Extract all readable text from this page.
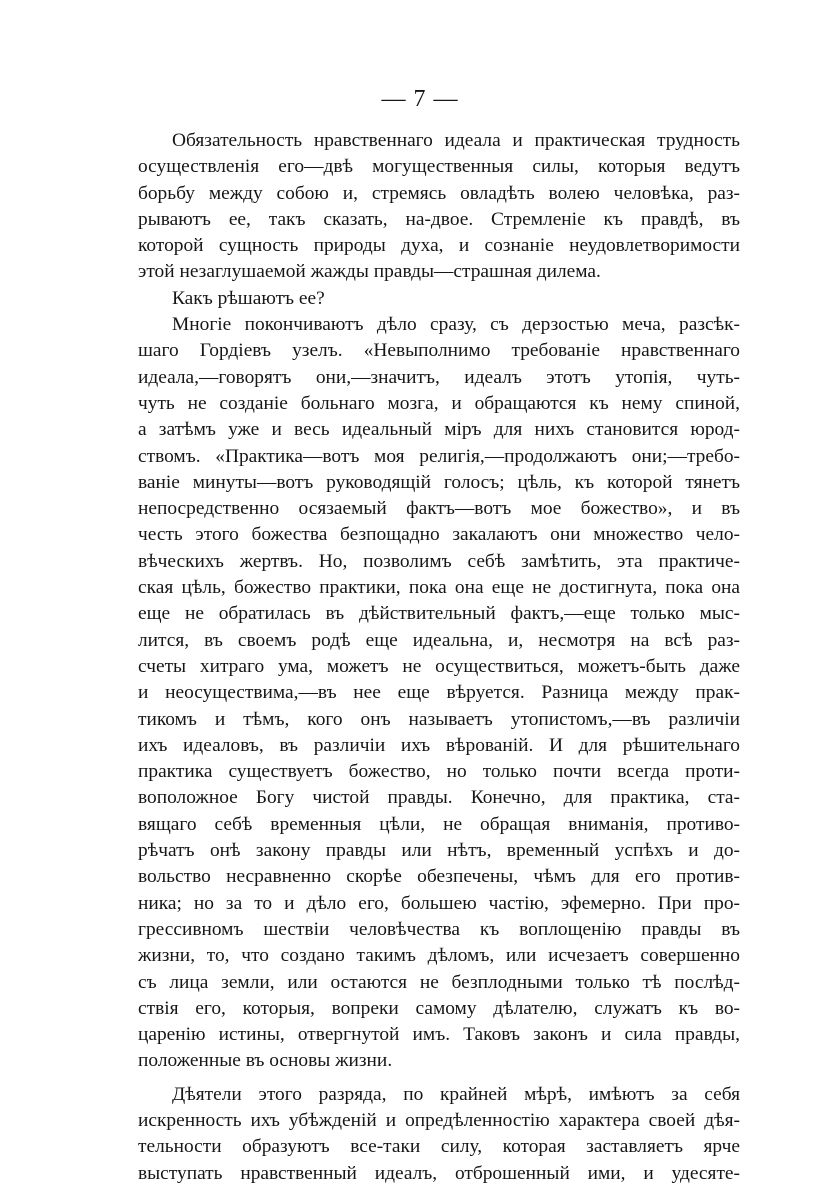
— 7 —
Обязательность нравственнаго идеала и практическая трудность
осуществленія его—двѣ могущественныя силы, которыя ведутъ
борьбу между собою и, стремясь овладѣть волею человѣка, раз-
рываютъ ее, такъ сказать, на-двое. Стремленіе къ правдѣ, въ
которой сущность природы духа, и сознаніе неудовлетворимости
этой незаглушаемой жажды правды—страшная дилема.
Какъ рѣшаютъ ее?
Многіе покончиваютъ дѣло сразу, съ дерзостью меча, разсѣк-
шаго Гордіевъ узелъ. «Невыполнимо требованіе нравственнаго
идеала,—говорятъ они,—значитъ, идеалъ этотъ утопія, чуть-
чуть не созданіе больнаго мозга, и обращаются къ нему спиной,
а затѣмъ уже и весь идеальный міръ для нихъ становится юрод-
ствомъ. «Практика—вотъ моя религія,—продолжаютъ они;—требо-
ваніе минуты—вотъ руководящій голосъ; цѣль, къ которой тянетъ
непосредственно осязаемый фактъ—вотъ мое божество», и въ
честь этого божества безпощадно закалаютъ они множество чело-
вѣческихъ жертвъ. Но, позволимъ себѣ замѣтить, эта практиче-
ская цѣль, божество практики, пока она еще не достигнута, пока она
еще не обратилась въ дѣйствительный фактъ,—еще только мыс-
лится, въ своемъ родѣ еще идеальна, и, несмотря на всѣ раз-
счеты хитраго ума, можетъ не осуществиться, можетъ-быть даже
и неосуществима,—въ нее еще вѣруется. Разница между прак-
тикомъ и тѣмъ, кого онъ называетъ утопистомъ,—въ различіи
ихъ идеаловъ, въ различіи ихъ вѣрованій. И для рѣшительнаго
практика существуетъ божество, но только почти всегда проти-
воположное Богу чистой правды. Конечно, для практика, ста-
вящаго себѣ временныя цѣли, не обращая вниманія, противо-
рѣчатъ онѣ закону правды или нѣтъ, временный успѣхъ и до-
вольство несравненно скорѣе обезпечены, чѣмъ для его против-
ника; но за то и дѣло его, большею частію, эфемерно. При про-
грессивномъ шествіи человѣчества къ воплощенію правды въ
жизни, то, что создано такимъ дѣломъ, или исчезаетъ совершенно
съ лица земли, или остаются не безплодными только тѣ послѣд-
ствія его, которыя, вопреки самому дѣлателю, служатъ къ во-
царенію истины, отвергнутой имъ. Таковъ законъ и сила правды,
положенные въ основы жизни.
Дѣятели этого разряда, по крайней мѣрѣ, имѣютъ за себя
искренность ихъ убѣжденій и опредѣленностію характера своей дѣя-
тельности образуютъ все-таки силу, которая заставляетъ ярче
выступать нравственный идеалъ, отброшенный ими, и удесяте-
